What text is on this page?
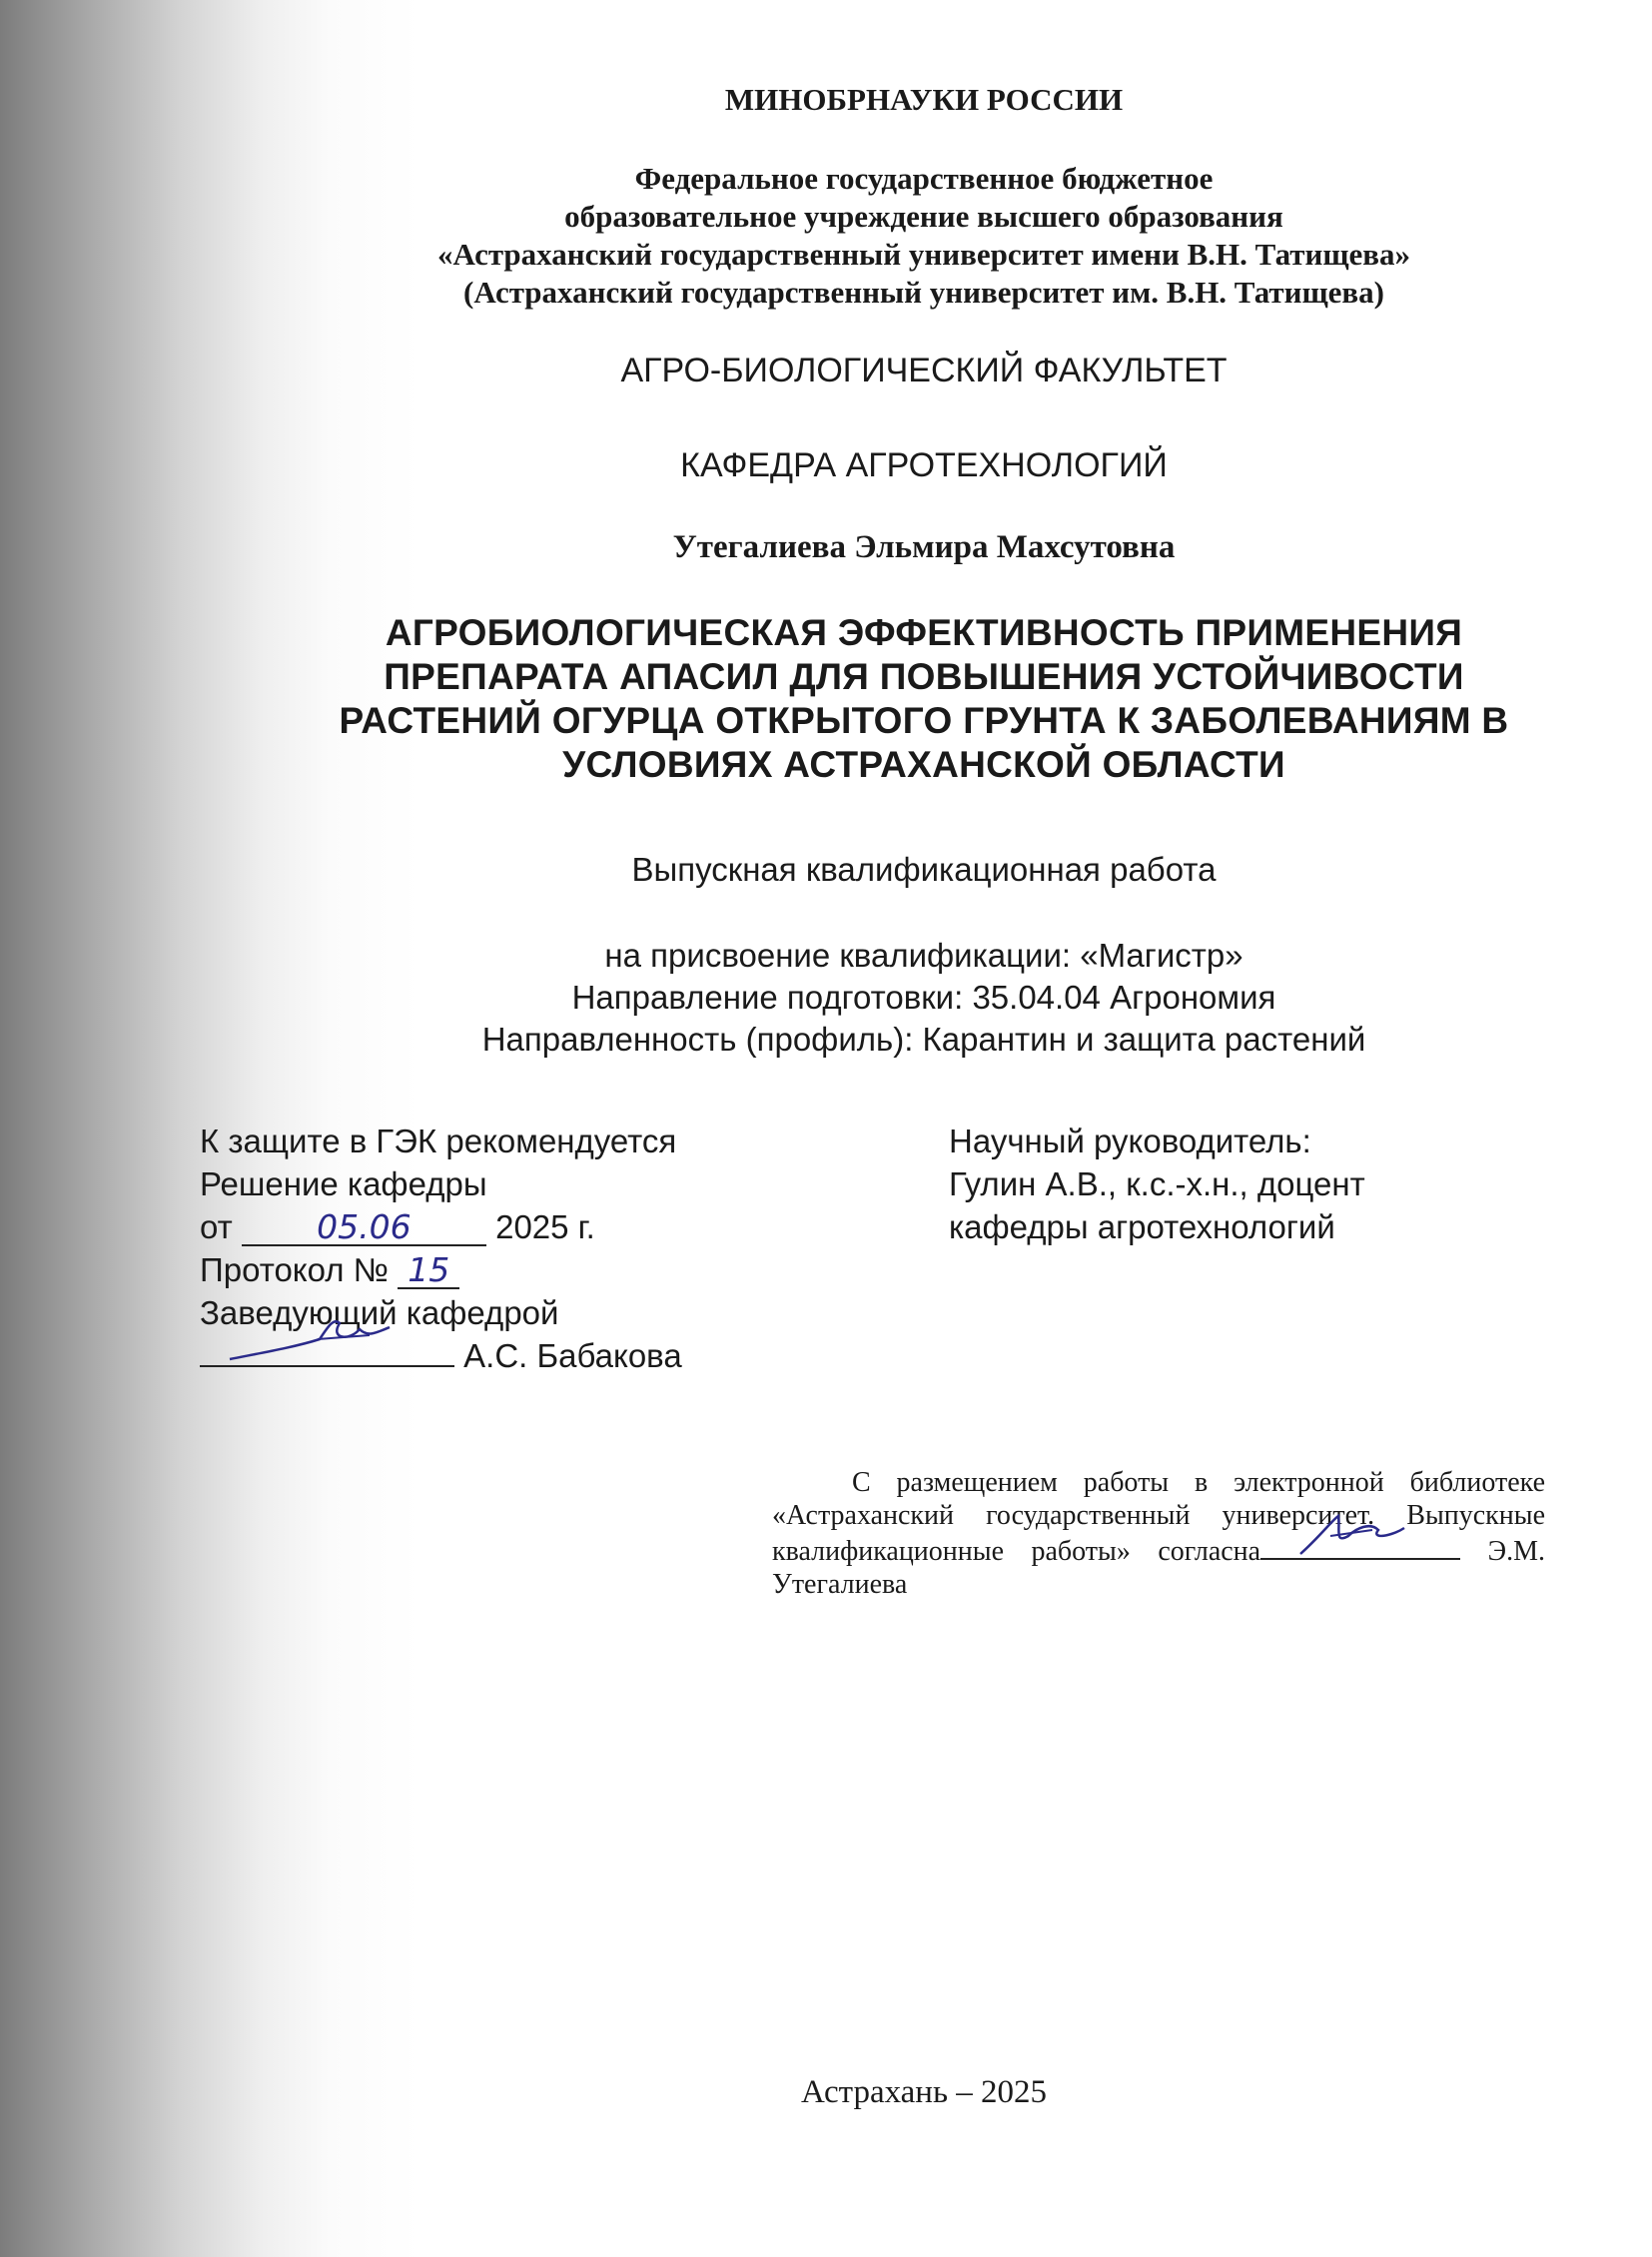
МИНОБРНАУКИ РОССИИ
Федеральное государственное бюджетное
образовательное учреждение высшего образования
«Астраханский государственный университет имени В.Н. Татищева»
(Астраханский государственный университет им. В.Н. Татищева)
АГРО-БИОЛОГИЧЕСКИЙ ФАКУЛЬТЕТ
КАФЕДРА АГРОТЕХНОЛОГИЙ
Утегалиева Эльмира Махсутовна
АГРОБИОЛОГИЧЕСКАЯ ЭФФЕКТИВНОСТЬ ПРИМЕНЕНИЯ
ПРЕПАРАТА АПАСИЛ ДЛЯ ПОВЫШЕНИЯ УСТОЙЧИВОСТИ
РАСТЕНИЙ ОГУРЦА ОТКРЫТОГО ГРУНТА К ЗАБОЛЕВАНИЯМ В
УСЛОВИЯХ АСТРАХАНСКОЙ ОБЛАСТИ
Выпускная квалификационная работа
на присвоение квалификации: «Магистр»
Направление подготовки: 35.04.04 Агрономия
Направленность (профиль): Карантин и защита растений
К защите в ГЭК рекомендуется
Решение кафедры
от	05.06	2025 г.
Протокол № 15
Заведующий кафедрой
А.С. Бабакова
Научный руководитель:
Гулин А.В., к.с.-х.н., доцент
кафедры агротехнологий
С размещением работы в электронной библиотеке «Астраханский государственный университет. Выпускные квалификационные работы» согласна	Э.М. Утегалиева
Астрахань – 2025
